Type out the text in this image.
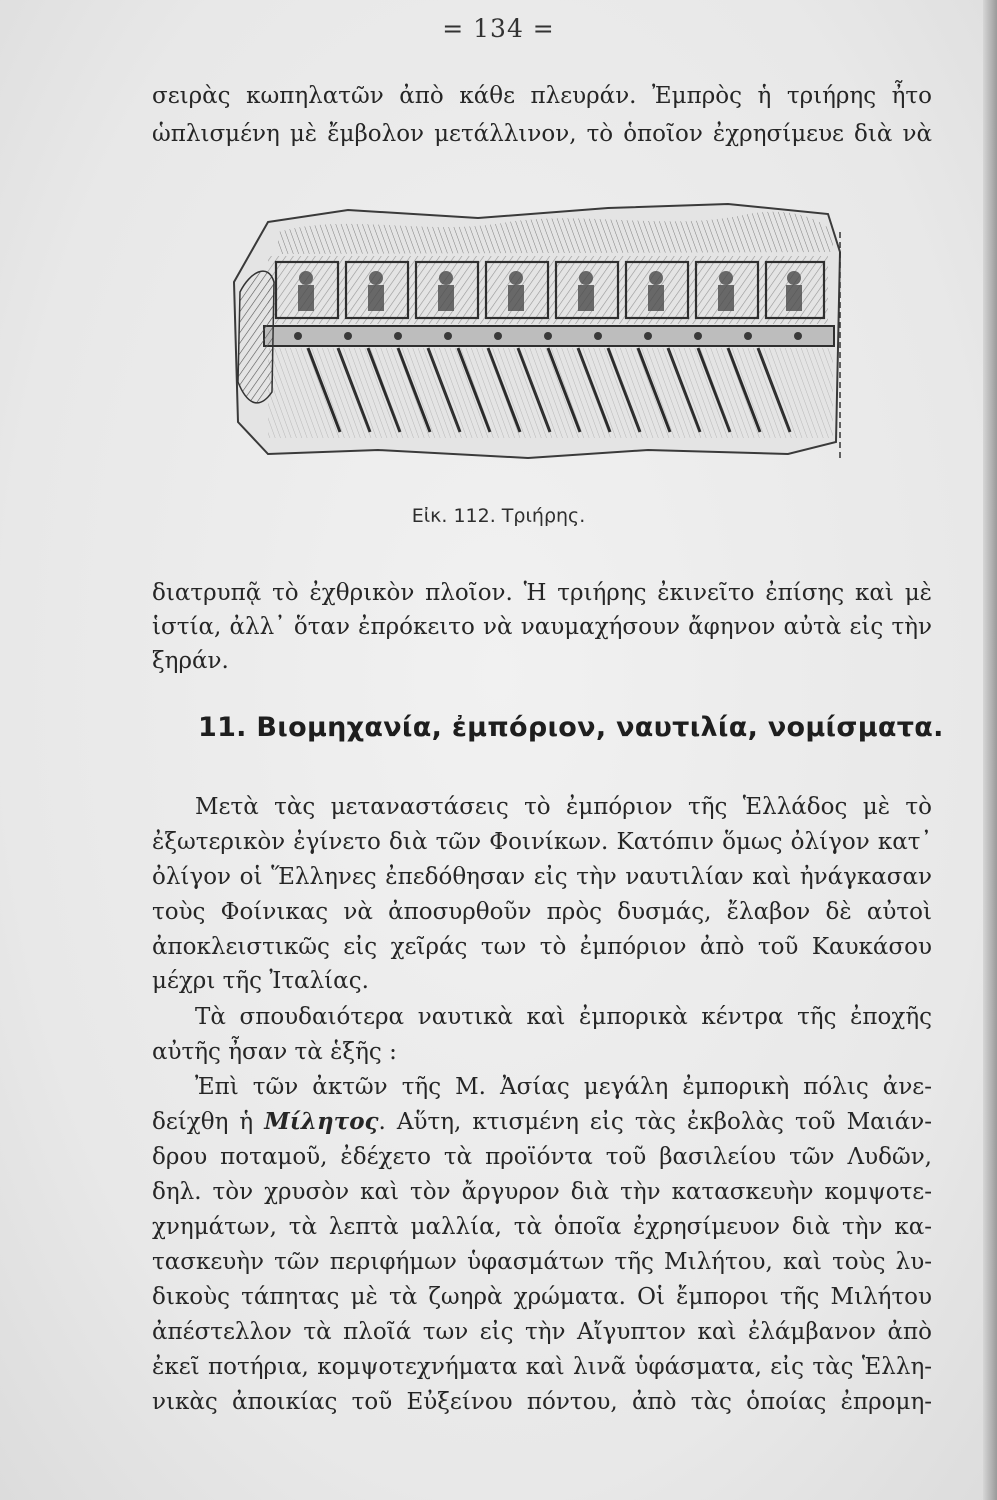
= 134 =
σειρὰς κωπηλατῶν ἀπὸ κάθε πλευράν. Ἐμπρὸς ἡ τριήρης ἦτο
ὡπλισμένη μὲ ἔμβολον μετάλλινον, τὸ ὁποῖον ἐχρησίμευε διὰ νὰ
Εἰκ. 112. Τριήρης.
διατρυπᾷ τὸ ἐχθρικὸν πλοῖον. Ἡ τριήρης ἐκινεῖτο ἐπίσης καὶ μὲ
ἱστία, ἀλλ᾽ ὅταν ἐπρόκειτο νὰ ναυμαχήσουν ἄφηνον αὐτὰ εἰς τὴν
ξηράν.
11. Βιομηχανία, ἐμπόριον, ναυτιλία, νομίσματα.
Μετὰ τὰς μεταναστάσεις τὸ ἐμπόριον τῆς Ἑλλάδος μὲ τὸ
ἐξωτερικὸν ἐγίνετο διὰ τῶν Φοινίκων. Κατόπιν ὅμως ὀλίγον κατ᾽
ὀλίγον οἱ Ἕλληνες ἐπεδόθησαν εἰς τὴν ναυτιλίαν καὶ ἠνάγκασαν
τοὺς Φοίνικας νὰ ἀποσυρθοῦν πρὸς δυσμάς, ἔλαβον δὲ αὐτοὶ
ἀποκλειστικῶς εἰς χεῖράς των τὸ ἐμπόριον ἀπὸ τοῦ Καυκάσου
μέχρι τῆς Ἰταλίας.
Τὰ σπουδαιότερα ναυτικὰ καὶ ἐμπορικὰ κέντρα τῆς ἐποχῆς
αὐτῆς ἦσαν τὰ ἑξῆς :
Ἐπὶ τῶν ἀκτῶν τῆς Μ. Ἀσίας μεγάλη ἐμπορικὴ πόλις ἀνε-
δείχθη ἡ Μίλητος. Αὕτη, κτισμένη εἰς τὰς ἐκβολὰς τοῦ Μαιάν-
δρου ποταμοῦ, ἐδέχετο τὰ προϊόντα τοῦ βασιλείου τῶν Λυδῶν,
δηλ. τὸν χρυσὸν καὶ τὸν ἄργυρον διὰ τὴν κατασκευὴν κομψοτε-
χνημάτων, τὰ λεπτὰ μαλλία, τὰ ὁποῖα ἐχρησίμευον διὰ τὴν κα-
τασκευὴν τῶν περιφήμων ὑφασμάτων τῆς Μιλήτου, καὶ τοὺς λυ-
δικοὺς τάπητας μὲ τὰ ζωηρὰ χρώματα. Οἱ ἔμποροι τῆς Μιλήτου
ἀπέστελλον τὰ πλοῖά των εἰς τὴν Αἴγυπτον καὶ ἐλάμβανον ἀπὸ
ἐκεῖ ποτήρια, κομψοτεχνήματα καὶ λινᾶ ὑφάσματα, εἰς τὰς Ἑλλη-
νικὰς ἀποικίας τοῦ Εὐξείνου πόντου, ἀπὸ τὰς ὁποίας ἐπρομη-
